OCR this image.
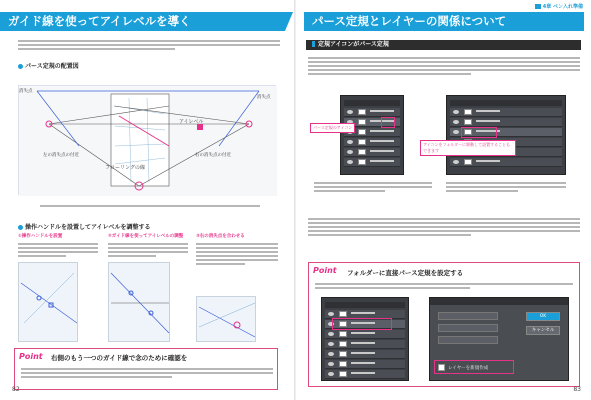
ガイド線を使ってアイレベルを導く
パース定規の配置図
アイレベル
フローリングの線
左の消失点の付近	右の消失点の付近
消失点
消失点
操作ハンドルを設置してアイレベルを調整する
①操作ハンドルを設置	②ガイド線を使ってアイレベルの調整	③右の消失点を合わせる
Point 右側のもう一つのガイド線で念のために確認を
82
4章 ペン入れ準備
パース定規とレイヤーの関係について
定規アイコンがパース定規
パース定規のアイコン
アイコンをフォルダーに移動して設置することもできます
Point フォルダーに直接パース定規を設定する
OK
キャンセル
レイヤーを新規作成
83
